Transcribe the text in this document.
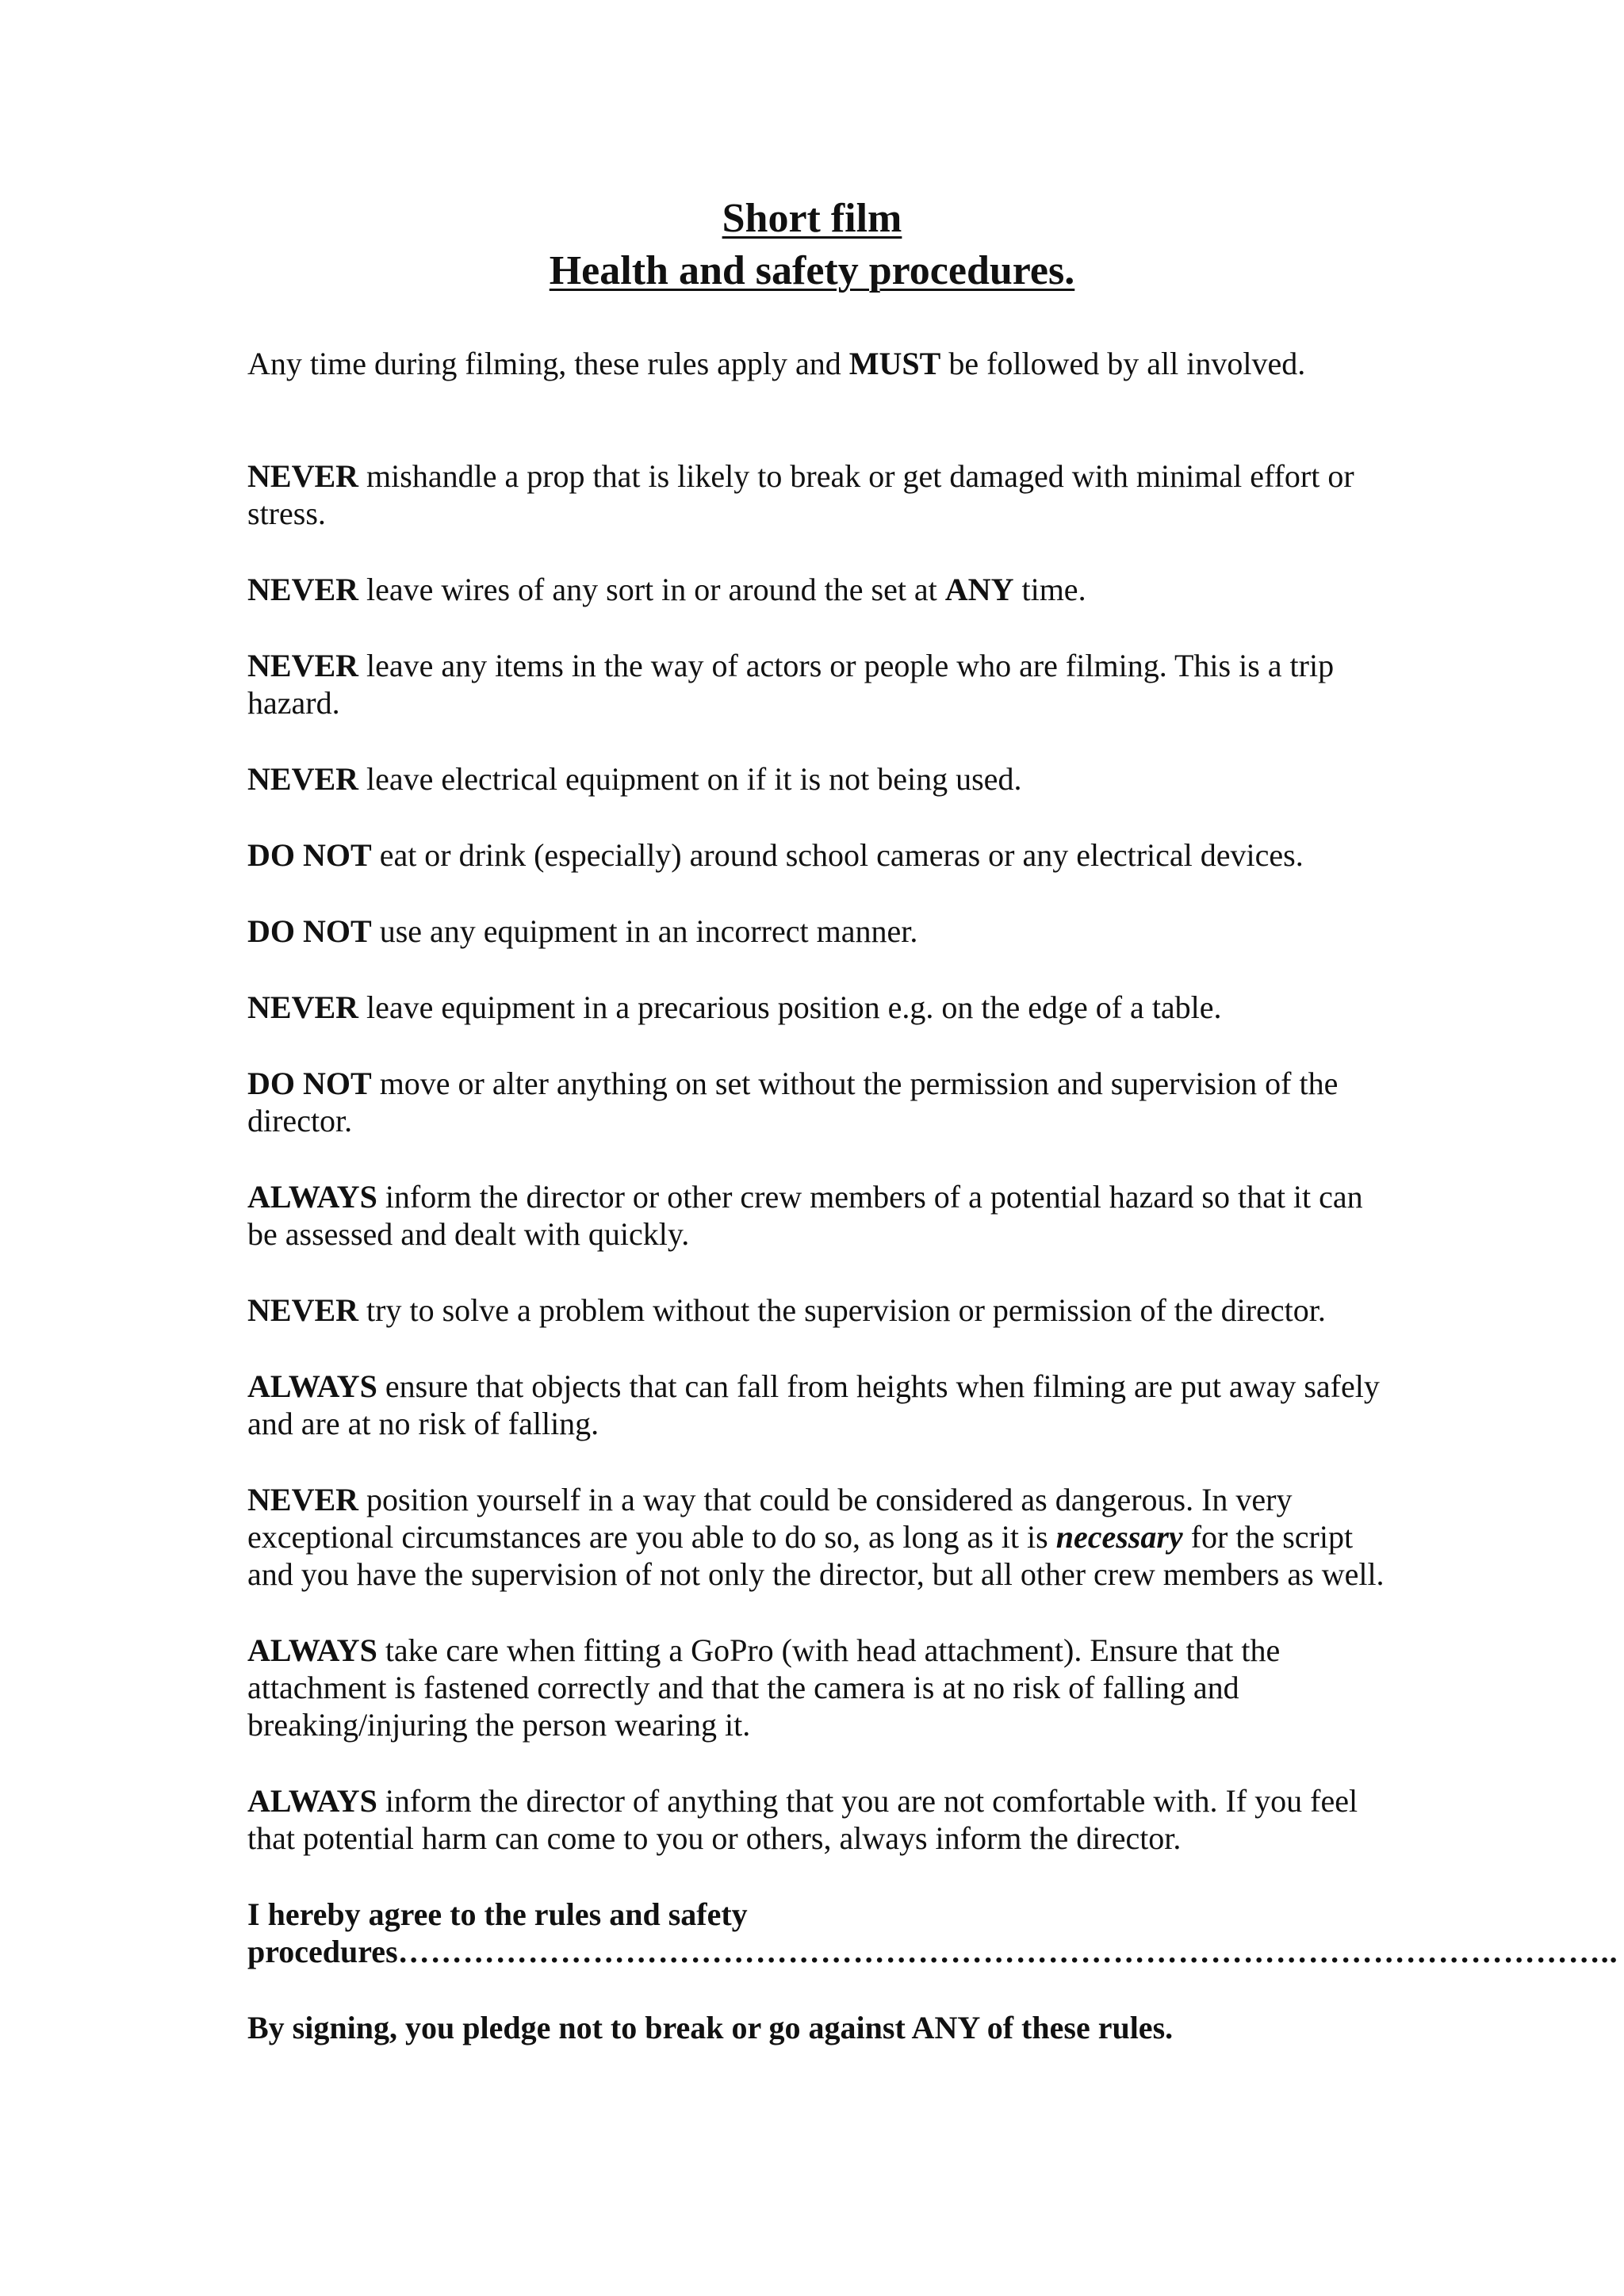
Short film
Health and safety procedures.

Any time during filming, these rules apply and MUST be followed by all involved.

NEVER mishandle a prop that is likely to break or get damaged with minimal effort or stress.

NEVER leave wires of any sort in or around the set at ANY time.

NEVER leave any items in the way of actors or people who are filming. This is a trip hazard.

NEVER leave electrical equipment on if it is not being used.

DO NOT eat or drink (especially) around school cameras or any electrical devices.

DO NOT use any equipment in an incorrect manner.

NEVER leave equipment in a precarious position e.g. on the edge of a table.

DO NOT move or alter anything on set without the permission and supervision of the director.

ALWAYS inform the director or other crew members of a potential hazard so that it can be assessed and dealt with quickly.

NEVER try to solve a problem without the supervision or permission of the director.

ALWAYS ensure that objects that can fall from heights when filming are put away safely and are at no risk of falling.

NEVER position yourself in a way that could be considered as dangerous. In very exceptional circumstances are you able to do so, as long as it is necessary for the script and you have the supervision of not only the director, but all other crew members as well.

ALWAYS take care when fitting a GoPro (with head attachment). Ensure that the attachment is fastened correctly and that the camera is at no risk of falling and breaking/injuring the person wearing it.

ALWAYS inform the director of anything that you are not comfortable with. If you feel that potential harm can come to you or others, always inform the director.

I hereby agree to the rules and safety procedures…………………………………………………………………………………………………..

By signing, you pledge not to break or go against ANY of these rules.
